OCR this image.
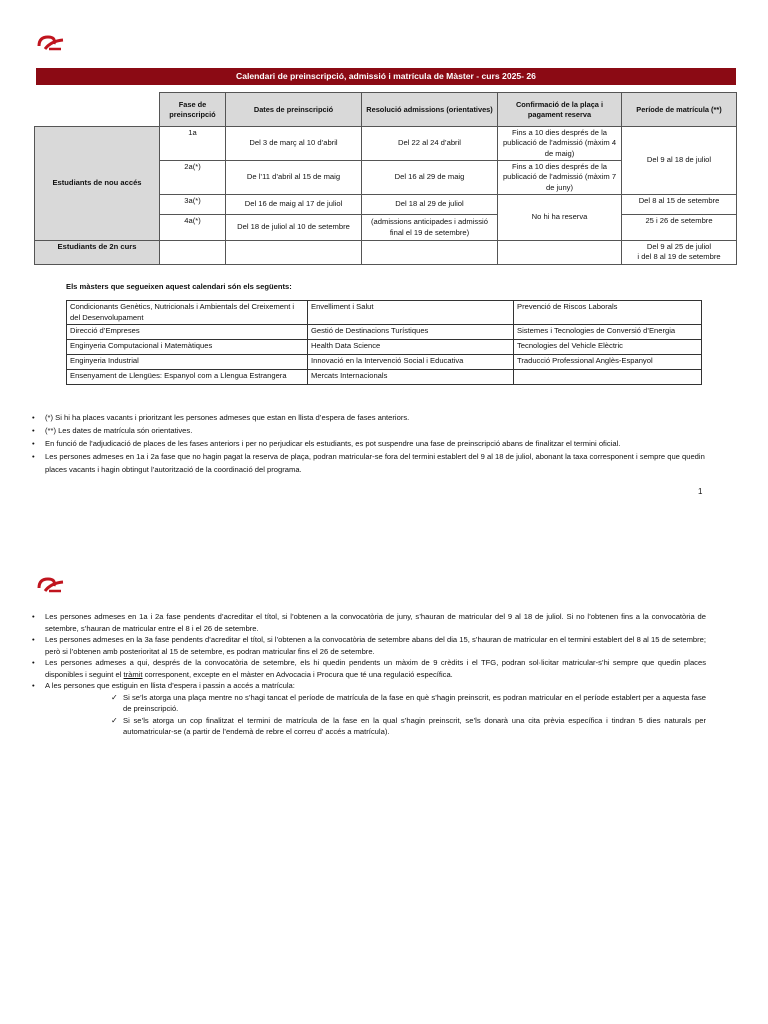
Calendari de preinscripció, admissió i matrícula de Màster - curs 2025- 26
	Fase de preinscripció	Dates de preinscripció	Resolució admissions (orientatives)	Confirmació de la plaça i pagament reserva	Període de matrícula (**)
Estudiants de nou accés	1a	Del 3 de març al 10 d’abril	Del 22 al 24 d’abril	Fins a 10 dies després de la publicació de l’admissió (màxim 4 de maig)	Del 9 al 18 de juliol
	2a(*)	De l’11 d’abril al 15 de maig	Del 16 al 29 de maig	Fins a 10 dies després de la publicació de l’admissió (màxim 7 de juny)	
	3a(*)	Del 16 de maig al 17 de juliol	Del 18 al 29 de juliol	No hi ha reserva	Del 8 al 15 de setembre
	4a(*)	Del 18 de juliol al 10 de setembre	(admissions anticipades i admissió final el 19 de setembre)		25 i 26 de setembre
Estudiants de 2n curs					Del 9 al 25 de juliol
i del 8 al 19 de setembre
Els màsters que segueixen aquest calendari són els següents:
Condicionants Genètics, Nutricionals i Ambientals del Creixement i del Desenvolupament	Envelliment i Salut	Prevenció de Riscos Laborals
Direcció d’Empreses	Gestió de Destinacions Turístiques	Sistemes i Tecnologies de Conversió d’Energia
Enginyeria Computacional i Matemàtiques	Health Data Science	Tecnologies del Vehicle Elèctric
Enginyeria Industrial	Innovació en la Intervenció Social i Educativa	Traducció Professional Anglès-Espanyol
Ensenyament de Llengües: Espanyol com a Llengua Estrangera	Mercats Internacionals	
• (*) Si hi ha places vacants i prioritzant les persones admeses que estan en llista d’espera de fases anteriors.
• (**) Les dates de matrícula són orientatives.
• En funció de l’adjudicació de places de les fases anteriors i per no perjudicar els estudiants, es pot suspendre una fase de preinscripció abans de finalitzar el termini oficial.
• Les persones admeses en 1a i 2a fase que no hagin pagat la reserva de plaça, podran matricular-se fora del termini establert del 9 al 18 de juliol, abonant la taxa corresponent i sempre que quedin places vacants i hagin obtingut l’autorització de la coordinació del programa.
1
• Les persones admeses en 1a i 2a fase pendents d’acreditar el títol, si l’obtenen a la convocatòria de juny, s’hauran de matricular del 9 al 18 de juliol. Si no l’obtenen fins a la convocatòria de setembre, s’hauran de matricular entre el 8 i el 26 de setembre.
• Les persones admeses en la 3a fase pendents d’acreditar el títol, si l’obtenen a la convocatòria de setembre abans del dia 15, s’hauran de matricular en el termini establert del 8 al 15 de setembre; però si l’obtenen amb posterioritat al 15 de setembre, es podran matricular fins el 26 de setembre.
• Les persones admeses a qui, després de la convocatòria de setembre, els hi quedin pendents un màxim de 9 crèdits i el TFG, podran sol·licitar matricular-s’hi sempre que quedin places disponibles i seguint el tràmit corresponent, excepte en el màster en Advocacia i Procura que té una regulació específica.
• A les persones que estiguin en llista d’espera i passin a accés a matrícula:
✓ Si se’ls atorga una plaça mentre no s’hagi tancat el període de matrícula de la fase en què s’hagin preinscrit, es podran matricular en el període establert per a aquesta fase de preinscripció.
✓ Si se’ls atorga un cop finalitzat el termini de matrícula de la fase en la qual s’hagin preinscrit, se’ls donarà una cita prèvia específica i tindran 5 dies naturals per automatricular-se (a partir de l’endemà de rebre el correu d’ accés a matrícula).
